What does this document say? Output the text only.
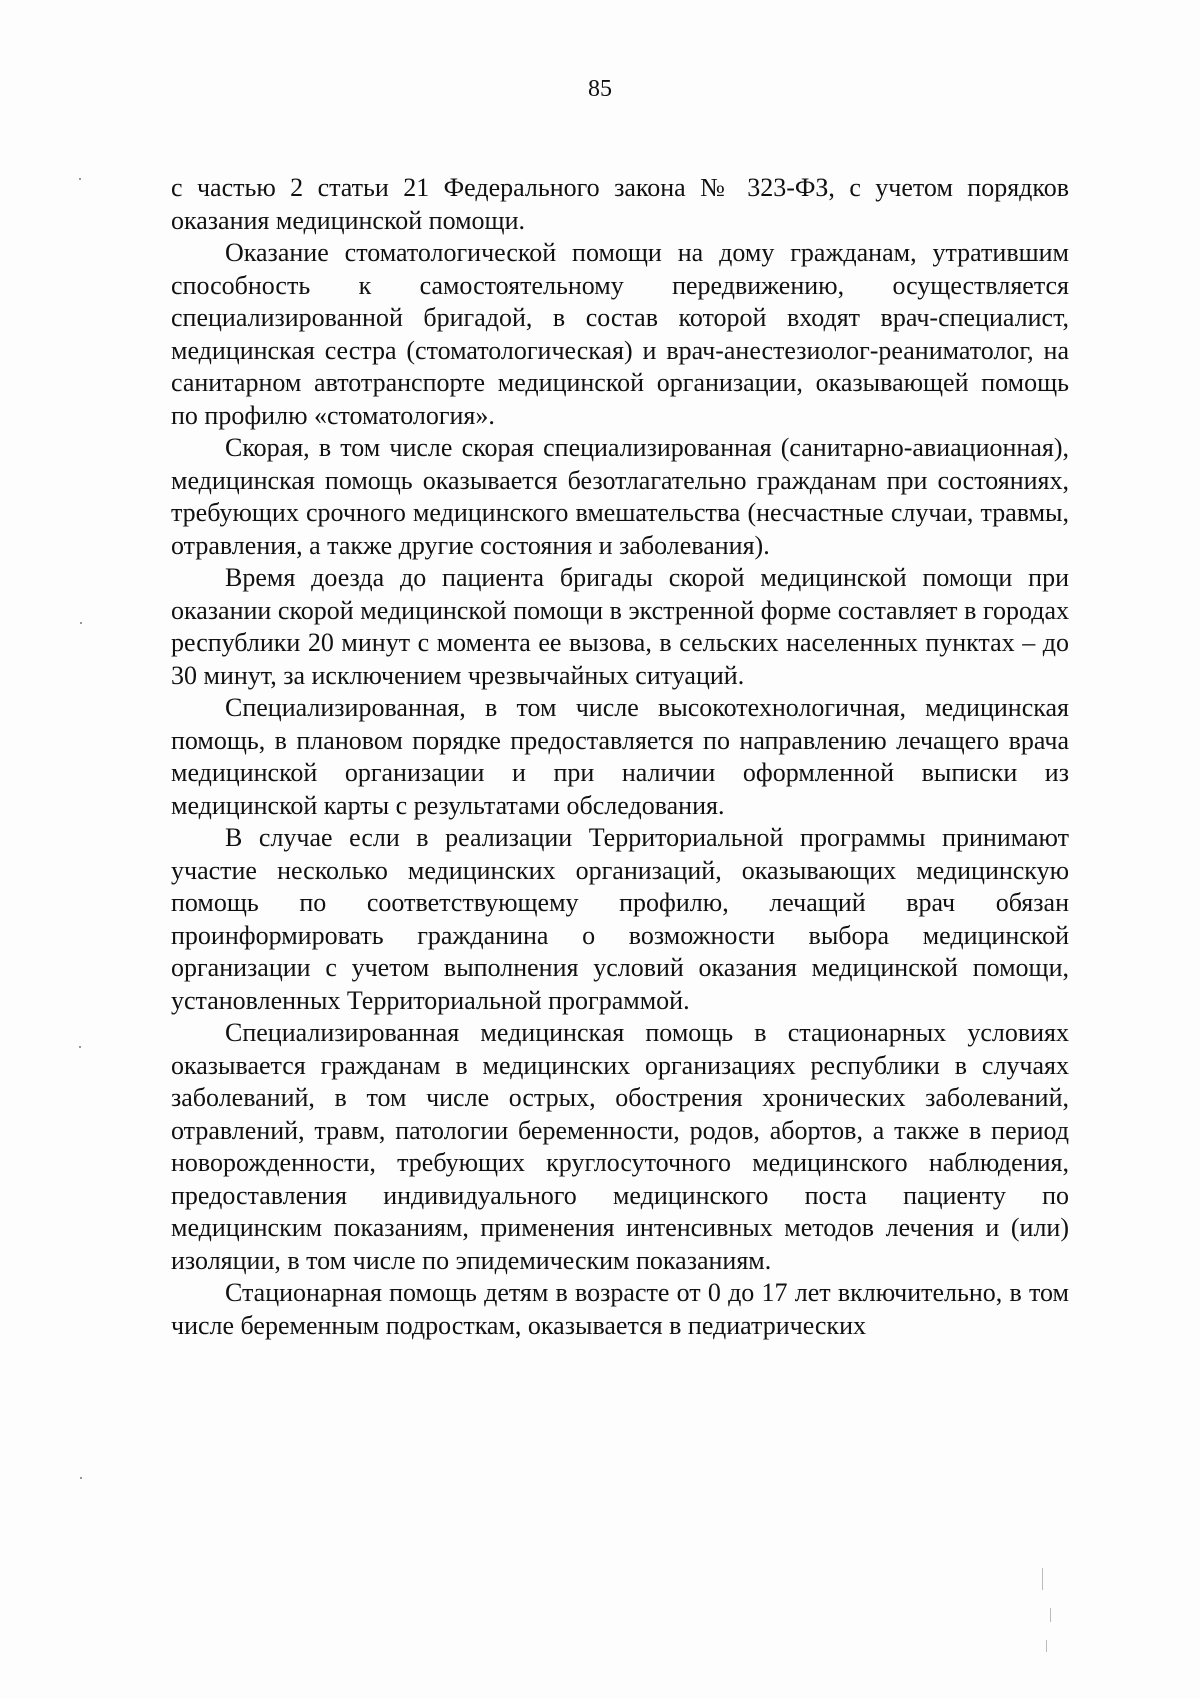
85

с частью 2 статьи 21 Федерального закона № 323-ФЗ, с учетом порядков оказания медицинской помощи.

Оказание стоматологической помощи на дому гражданам, утратившим способность к самостоятельному передвижению, осуществляется специализированной бригадой, в состав которой входят врач-специалист, медицинская сестра (стоматологическая) и врач-анестезиолог-реаниматолог, на санитарном автотранспорте медицинской организации, оказывающей помощь по профилю «стоматология».

Скорая, в том числе скорая специализированная (санитарно-авиационная), медицинская помощь оказывается безотлагательно гражданам при состояниях, требующих срочного медицинского вмешательства (несчастные случаи, травмы, отравления, а также другие состояния и заболевания).

Время доезда до пациента бригады скорой медицинской помощи при оказании скорой медицинской помощи в экстренной форме составляет в городах республики 20 минут с момента ее вызова, в сельских населенных пунктах – до 30 минут, за исключением чрезвычайных ситуаций.

Специализированная, в том числе высокотехнологичная, медицинская помощь, в плановом порядке предоставляется по направлению лечащего врача медицинской организации и при наличии оформленной выписки из медицинской карты с результатами обследования.

В случае если в реализации Территориальной программы принимают участие несколько медицинских организаций, оказывающих медицинскую помощь по соответствующему профилю, лечащий врач обязан проинформировать гражданина о возможности выбора медицинской организации с учетом выполнения условий оказания медицинской помощи, установленных Территориальной программой.

Специализированная медицинская помощь в стационарных условиях оказывается гражданам в медицинских организациях республики в случаях заболеваний, в том числе острых, обострения хронических заболеваний, отравлений, травм, патологии беременности, родов, абортов, а также в период новорожденности, требующих круглосуточного медицинского наблюдения, предоставления индивидуального медицинского поста пациенту по медицинским показаниям, применения интенсивных методов лечения и (или) изоляции, в том числе по эпидемическим показаниям.

Стационарная помощь детям в возрасте от 0 до 17 лет включительно, в том числе беременным подросткам, оказывается в педиатрических
